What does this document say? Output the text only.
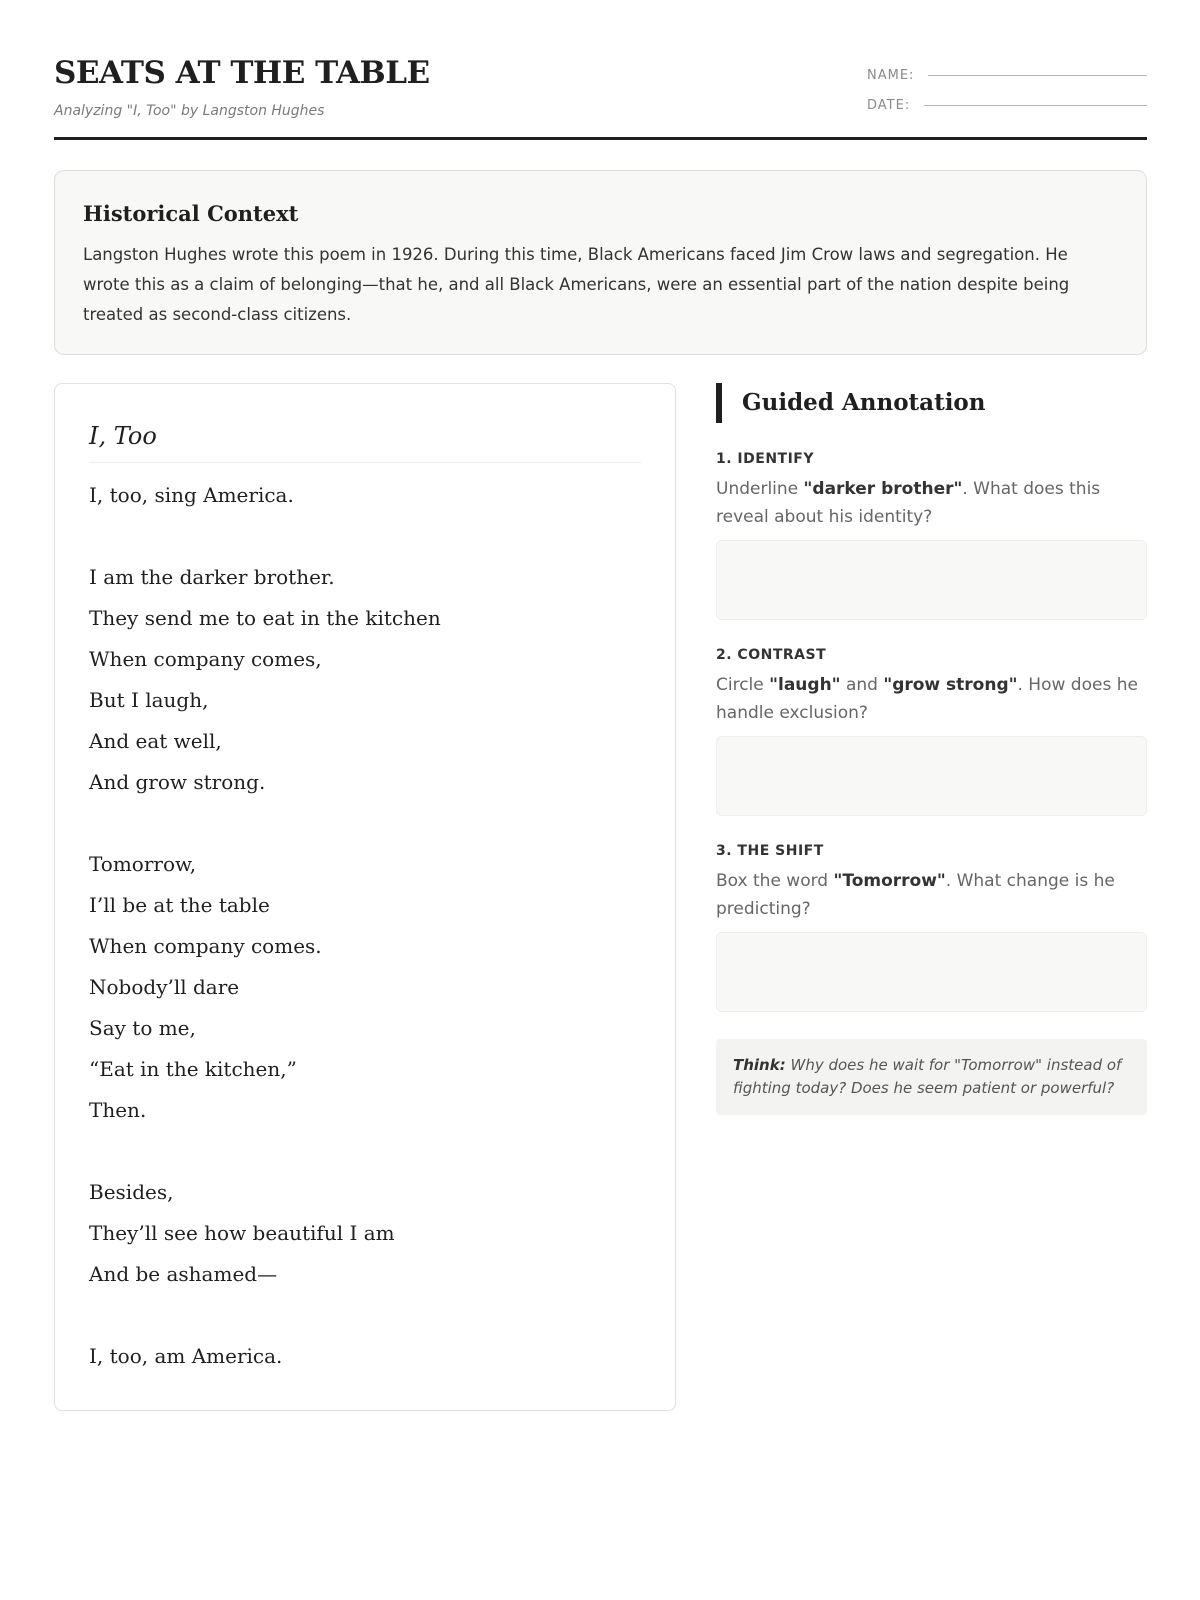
SEATS AT THE TABLE
Analyzing "I, Too" by Langston Hughes
NAME:
DATE:
Historical Context

Langston Hughes wrote this poem in 1926. During this time, Black Americans faced Jim Crow laws and segregation. He wrote this as a claim of belonging—that he, and all Black Americans, were an essential part of the nation despite being treated as second-class citizens.

I, Too
I, too, sing America.
I am the darker brother.
They send me to eat in the kitchen
When company comes,
But I laugh,
And eat well,
And grow strong.
Tomorrow,
I’ll be at the table
When company comes.
Nobody’ll dare
Say to me,
“Eat in the kitchen,”
Then.
Besides,
They’ll see how beautiful I am
And be ashamed—
I, too, am America.
Guided Annotation
1. IDENTIFY
Underline "darker brother". What does this reveal about his identity?
2. CONTRAST
Circle "laugh" and "grow strong". How does he handle exclusion?
3. THE SHIFT
Box the word "Tomorrow". What change is he predicting?
Think: Why does he wait for "Tomorrow" instead of fighting today? Does he seem patient or powerful?
